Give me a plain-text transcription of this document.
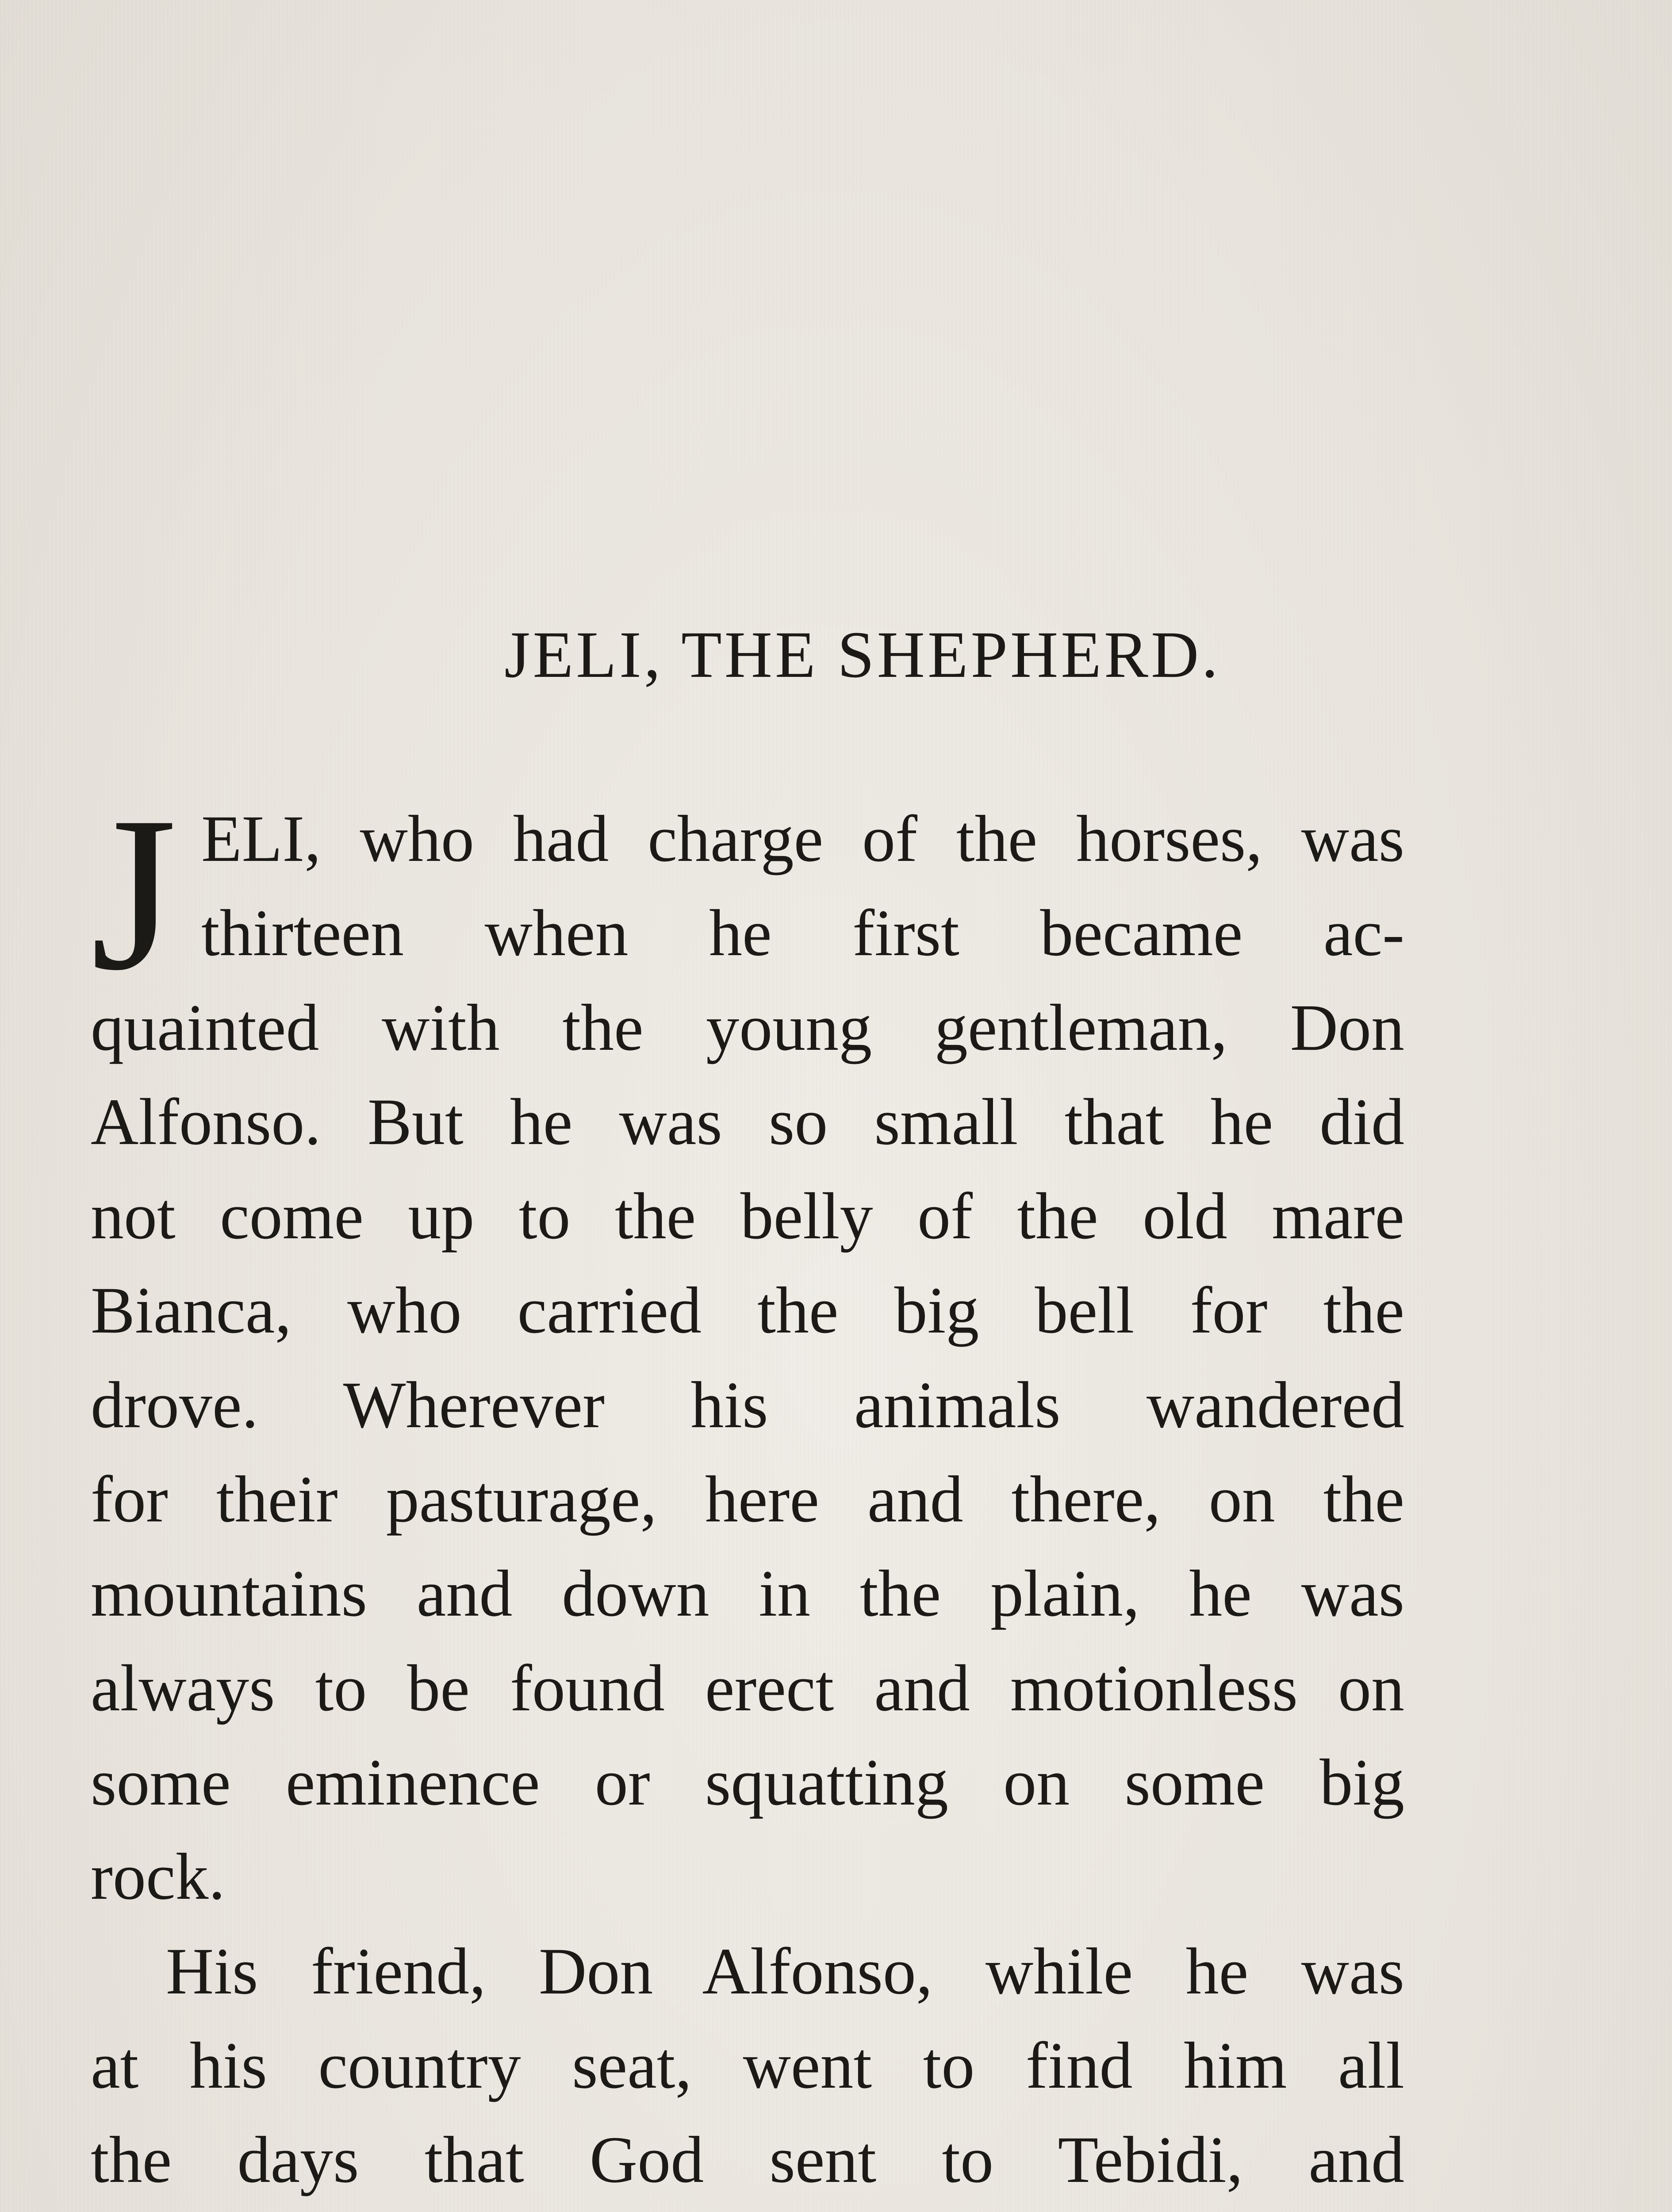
JELI, THE SHEPHERD.
J ELI, who had charge of the horses, was
thirteen when he first became ac-
quainted with the young gentleman, Don
Alfonso. But he was so small that he did
not come up to the belly of the old mare
Bianca, who carried the big bell for the
drove. Wherever his animals wandered
for their pasturage, here and there, on the
mountains and down in the plain, he was
always to be found erect and motionless on
some eminence or squatting on some big
rock.
His friend, Don Alfonso, while he was
at his country seat, went to find him all
the days that God sent to Tebidi, and
